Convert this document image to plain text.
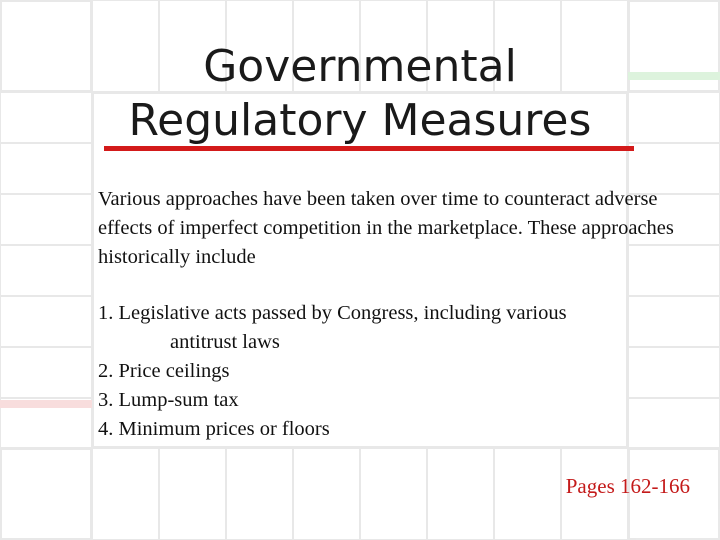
Governmental
Regulatory Measures

Various approaches have been taken over time to counteract adverse effects of imperfect competition in the marketplace. These approaches historically include

1. Legislative acts passed by Congress, including various
antitrust laws
2. Price ceilings
3. Lump-sum tax
4. Minimum prices or floors

Pages 162-166
